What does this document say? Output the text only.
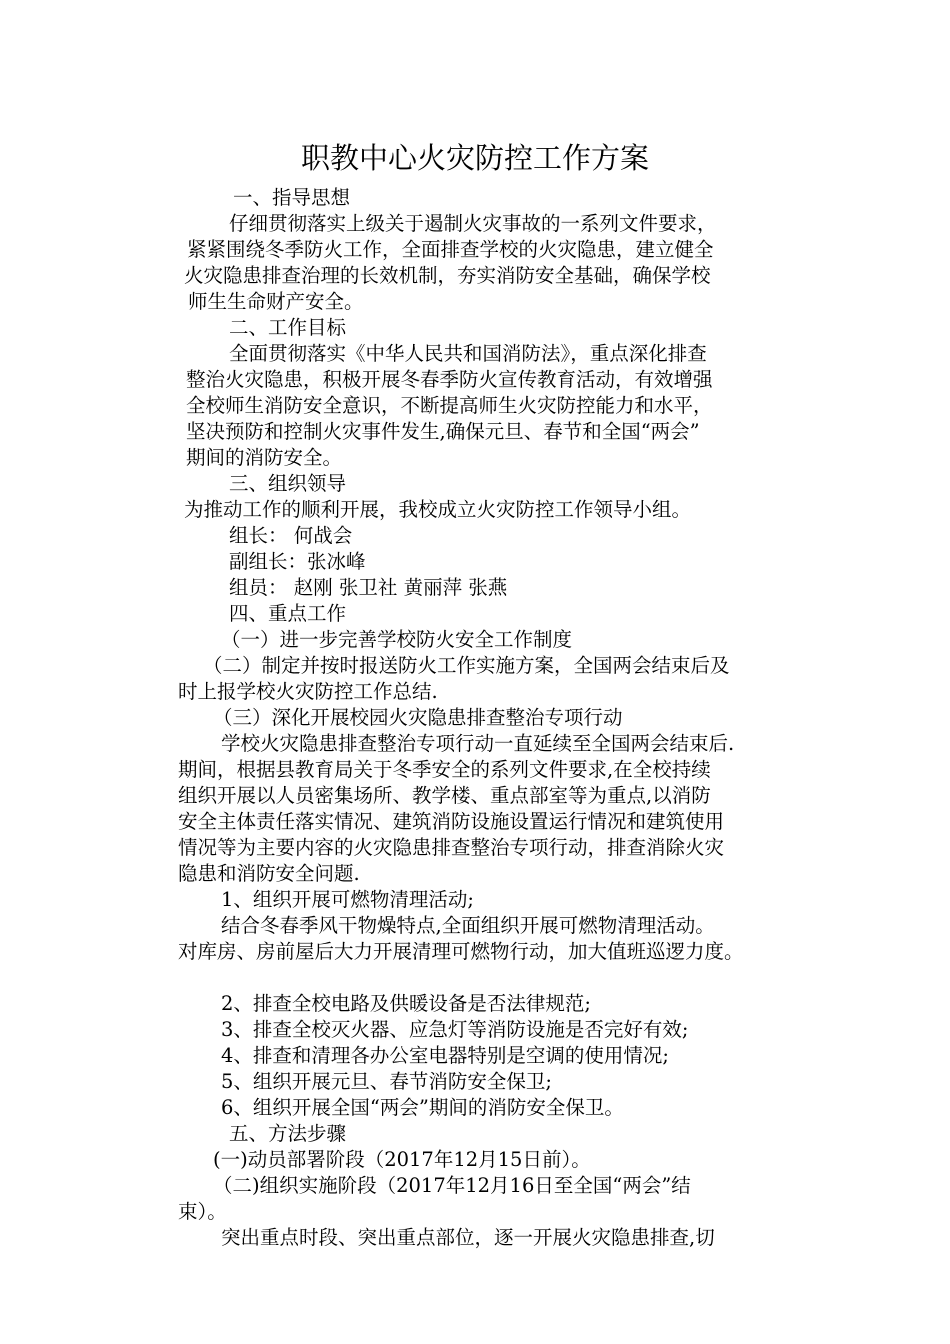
职教中心火灾防控工作方案
一、指导思想
仔细贯彻落实上级关于遏制火灾事故的一系列文件要求，
紧紧围绕冬季防火工作，全面排查学校的火灾隐患，建立健全
火灾隐患排查治理的长效机制，夯实消防安全基础，确保学校
师生生命财产安全。
二、工作目标
全面贯彻落实《中华人民共和国消防法》，重点深化排查
整治火灾隐患，积极开展冬春季防火宣传教育活动，有效增强
全校师生消防安全意识，不断提高师生火灾防控能力和水平，
坚决预防和控制火灾事件发生,确保元旦、春节和全国“两会”
期间的消防安全。
三、组织领导
为推动工作的顺利开展，我校成立火灾防控工作领导小组。
组长： 何战会
副组长：张冰峰
组员： 赵刚 张卫社 黄丽萍 张燕
四、重点工作
（一）进一步完善学校防火安全工作制度
（二）制定并按时报送防火工作实施方案，全国两会结束后及
时上报学校火灾防控工作总结.
（三）深化开展校园火灾隐患排查整治专项行动
学校火灾隐患排查整治专项行动一直延续至全国两会结束后.
期间，根据县教育局关于冬季安全的系列文件要求,在全校持续
组织开展以人员密集场所、教学楼、重点部室等为重点,以消防
安全主体责任落实情况、建筑消防设施设置运行情况和建筑使用
情况等为主要内容的火灾隐患排查整治专项行动，排查消除火灾
隐患和消防安全问题.
1、组织开展可燃物清理活动;
结合冬春季风干物燥特点,全面组织开展可燃物清理活动。
对库房、房前屋后大力开展清理可燃物行动，加大值班巡逻力度。
2、排查全校电路及供暖设备是否法律规范;
3、排查全校灭火器、应急灯等消防设施是否完好有效;
4、排查和清理各办公室电器特别是空调的使用情况;
5、组织开展元旦、春节消防安全保卫;
6、组织开展全国“两会”期间的消防安全保卫。
五、方法步骤
(一)动员部署阶段（2017年12月15日前）。
（二)组织实施阶段（2017年12月16日至全国“两会”结
束）。
突出重点时段、突出重点部位，逐一开展火灾隐患排查,切
